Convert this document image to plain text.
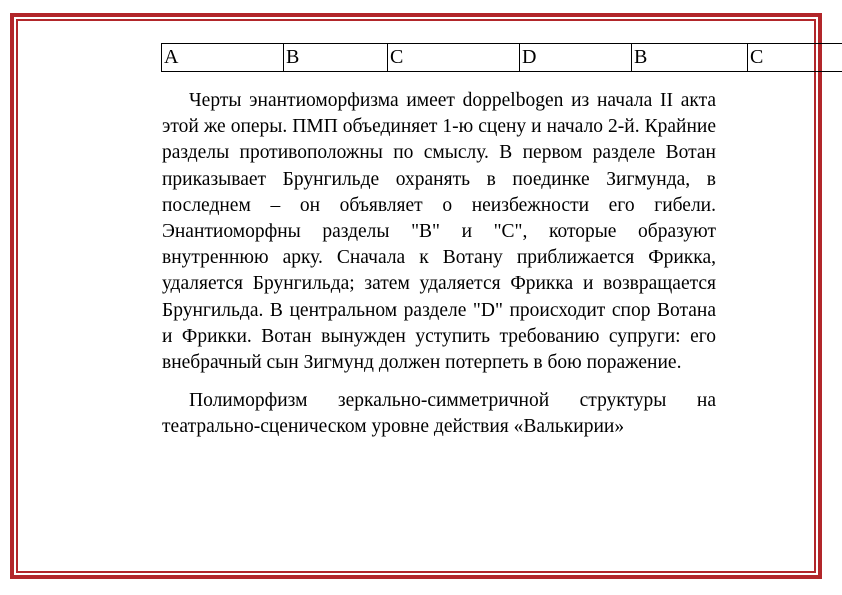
A	B	C	D	B	C

Черты энантиоморфизма имеет doppelbogen из начала II акта этой же оперы. ПМП объединяет 1-ю сцену и начало 2-й. Крайние разделы противоположны по смыслу. В первом разделе Вотан приказывает Брунгильде охранять в поединке Зигмунда, в последнем – он объявляет о неизбежности его гибели. Энантиоморфны разделы "B" и "C", которые образуют внутреннюю арку. Сначала к Вотану приближается Фрикка, удаляется Брунгильда; затем удаляется Фрикка и возвращается Брунгильда. В центральном разделе "D" происходит спор Вотана и Фрикки. Вотан вынужден уступить требованию супруги: его внебрачный сын Зигмунд должен потерпеть в бою поражение.

Полиморфизм зеркально-симметричной структуры на театрально-сценическом уровне действия «Валькирии»
